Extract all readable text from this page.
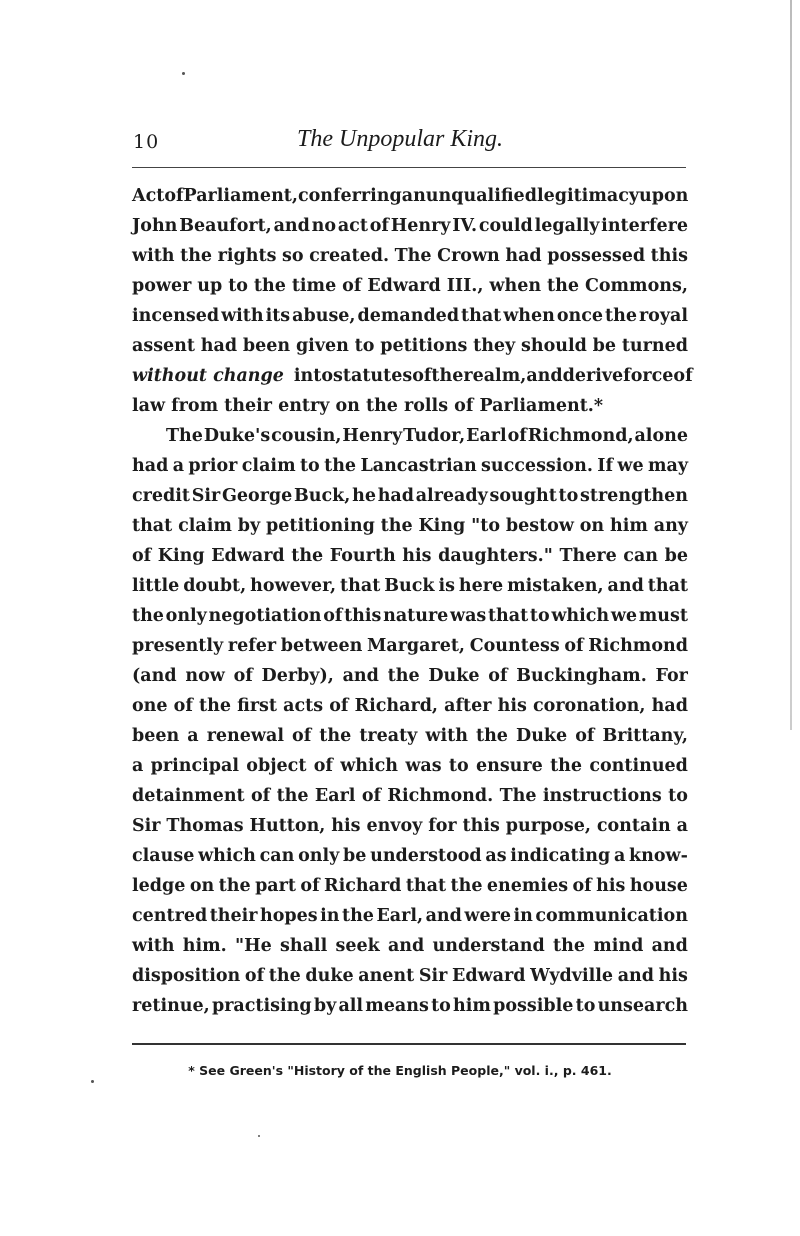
10	The Unpopular King.
Act of Parliament, conferring an unqualified legitimacy upon
John Beaufort, and no act of Henry IV. could legally interfere
with the rights so created. The Crown had possessed this
power up to the time of Edward III., when the Commons,
incensed with its abuse, demanded that when once the royal
assent had been given to petitions they should be turned
without change into statutes of the realm, and derive force of
law from their entry on the rolls of Parliament.*
The Duke's cousin, Henry Tudor, Earl of Richmond, alone
had a prior claim to the Lancastrian succession. If we may
credit Sir George Buck, he had already sought to strengthen
that claim by petitioning the King "to bestow on him any
of King Edward the Fourth his daughters." There can be
little doubt, however, that Buck is here mistaken, and that
the only negotiation of this nature was that to which we must
presently refer between Margaret, Countess of Richmond
(and now of Derby), and the Duke of Buckingham. For
one of the first acts of Richard, after his coronation, had
been a renewal of the treaty with the Duke of Brittany,
a principal object of which was to ensure the continued
detainment of the Earl of Richmond. The instructions to
Sir Thomas Hutton, his envoy for this purpose, contain a
clause which can only be understood as indicating a know-
ledge on the part of Richard that the enemies of his house
centred their hopes in the Earl, and were in communication
with him. "He shall seek and understand the mind and
disposition of the duke anent Sir Edward Wydville and his
retinue, practising by all means to him possible to unsearch
* See Green's "History of the English People," vol. i., p. 461.
